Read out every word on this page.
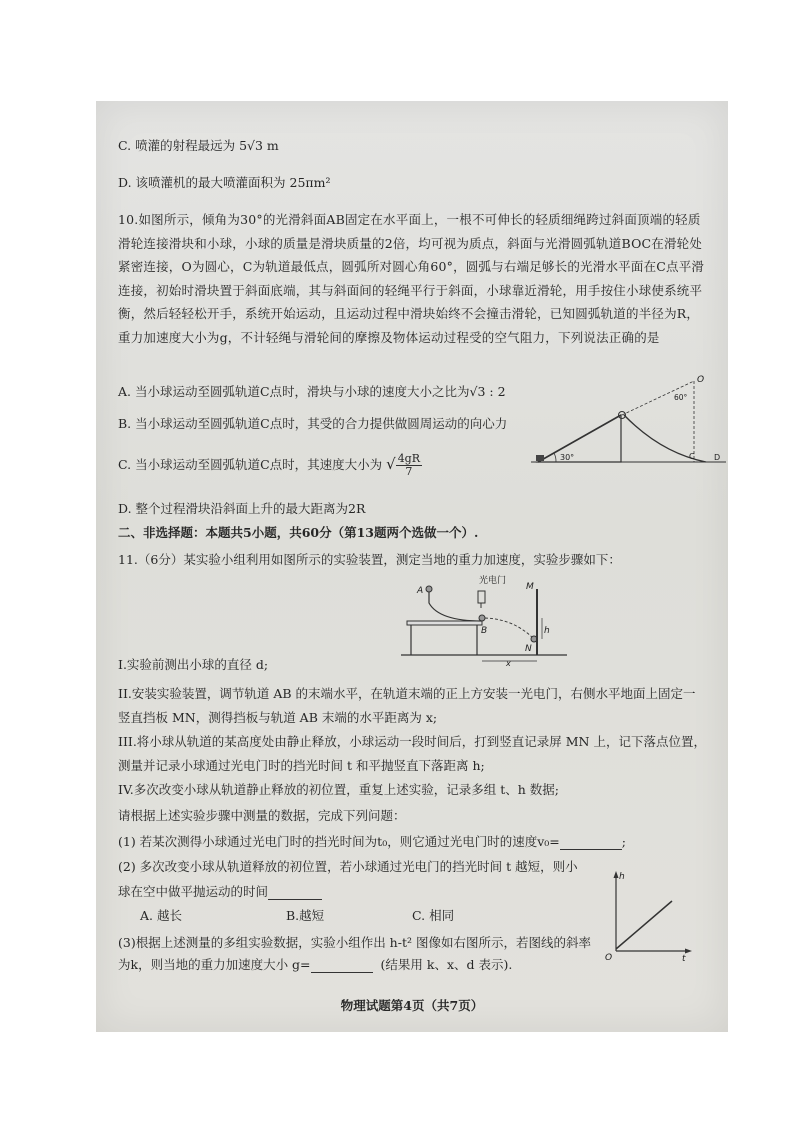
C. 喷灌的射程最远为 5√3 m
D. 该喷灌机的最大喷灌面积为 25πm²
10.如图所示，倾角为30°的光滑斜面AB固定在水平面上，一根不可伸长的轻质细绳跨过斜面顶端的轻质滑轮连接滑块和小球，小球的质量是滑块质量的2倍，均可视为质点，斜面与光滑圆弧轨道BOC在滑轮处紧密连接，O为圆心，C为轨道最低点，圆弧所对圆心角60°，圆弧与右端足够长的光滑水平面在C点平滑连接，初始时滑块置于斜面底端，其与斜面间的轻绳平行于斜面，小球靠近滑轮，用手按住小球使系统平衡，然后轻轻松开手，系统开始运动，且运动过程中滑块始终不会撞击滑轮，已知圆弧轨道的半径为R，重力加速度大小为g，不计轻绳与滑轮间的摩擦及物体运动过程受的空气阻力，下列说法正确的是
A. 当小球运动至圆弧轨道C点时，滑块与小球的速度大小之比为√3 : 2
B. 当小球运动至圆弧轨道C点时，其受的合力提供做圆周运动的向心力
C. 当小球运动至圆弧轨道C点时，其速度大小为 √ $\frac{4gR}{7}$
D. 整个过程滑块沿斜面上升的最大距离为2R
30°
O
60°
C D
二、非选择题：本题共5小题，共60分（第13题两个选做一个）.
11.（6分）某实验小组利用如图所示的实验装置，测定当地的重力加速度，实验步骤如下：
光电门
A
B
M
N
h
x
I.实验前测出小球的直径 d;
II.安装实验装置，调节轨道 AB 的末端水平，在轨道末端的正上方安装一光电门，右侧水平地面上固定一竖直挡板 MN，测得挡板与轨道 AB 末端的水平距离为 x;
III.将小球从轨道的某高度处由静止释放，小球运动一段时间后，打到竖直记录屏 MN 上，记下落点位置，测量并记录小球通过光电门时的挡光时间 t 和平抛竖直下落距离 h;
IV.多次改变小球从轨道静止释放的初位置，重复上述实验，记录多组 t、h 数据;
请根据上述实验步骤中测量的数据，完成下列问题：
(1) 若某次测得小球通过光电门时的挡光时间为t₀，则它通过光电门时的速度v₀=	;
(2) 多次改变小球从轨道释放的初位置，若小球通过光电门的挡光时间 t 越短，则小
球在空中做平抛运动的时间
A. 越长	B.越短	C. 相同
(3)根据上述测量的多组实验数据，实验小组作出 h-t² 图像如右图所示，若图线的斜率
为k，则当地的重力加速度大小 g=	(结果用 k、x、d 表示).
h
t
O
物理试题第4页（共7页）
